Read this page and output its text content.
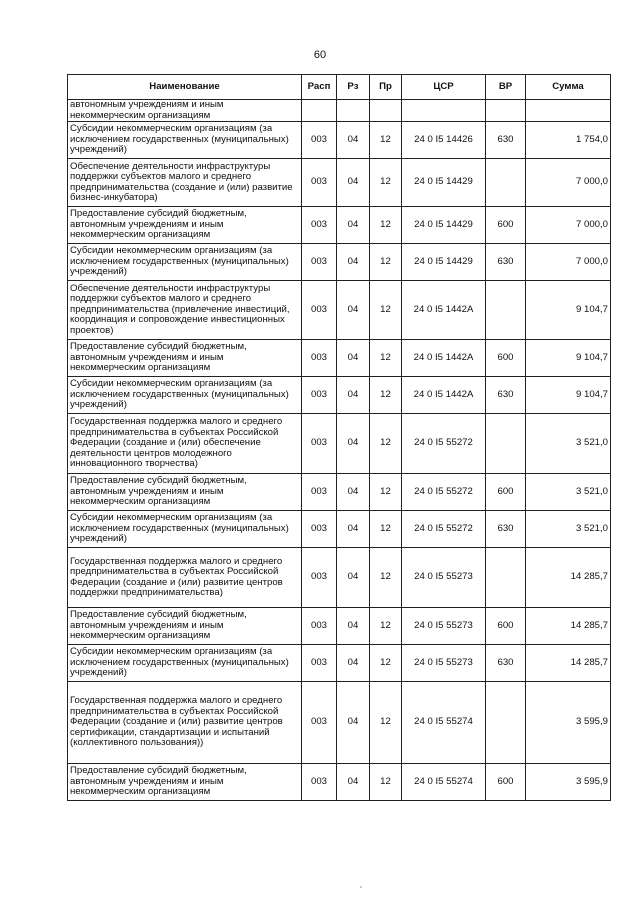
60
Наименование	Расп	Рз	Пр	ЦСР	ВР	Сумма
автономным учреждениям и иным некоммерческим организациям						
Субсидии некоммерческим организациям (за исключением государственных (муниципальных) учреждений)	003	04	12	24 0 I5 14426	630	1 754,0
Обеспечение деятельности инфраструктуры поддержки субъектов малого и среднего предпринимательства (создание и (или) развитие бизнес-инкубатора)	003	04	12	24 0 I5 14429		7 000,0
Предоставление субсидий бюджетным, автономным учреждениям и иным некоммерческим организациям	003	04	12	24 0 I5 14429	600	7 000,0
Субсидии некоммерческим организациям (за исключением государственных (муниципальных) учреждений)	003	04	12	24 0 I5 14429	630	7 000,0
Обеспечение деятельности инфраструктуры поддержки субъектов малого и среднего предпринимательства (привлечение инвестиций, координация и сопровождение инвестиционных проектов)	003	04	12	24 0 I5 1442A		9 104,7
Предоставление субсидий бюджетным, автономным учреждениям и иным некоммерческим организациям	003	04	12	24 0 I5 1442A	600	9 104,7
Субсидии некоммерческим организациям (за исключением государственных (муниципальных) учреждений)	003	04	12	24 0 I5 1442A	630	9 104,7
Государственная поддержка малого и среднего предпринимательства в субъектах Российской Федерации (создание и (или) обеспечение деятельности центров молодежного инновационного творчества)	003	04	12	24 0 I5 55272		3 521,0
Предоставление субсидий бюджетным, автономным учреждениям и иным некоммерческим организациям	003	04	12	24 0 I5 55272	600	3 521,0
Субсидии некоммерческим организациям (за исключением государственных (муниципальных) учреждений)	003	04	12	24 0 I5 55272	630	3 521,0
Государственная поддержка малого и среднего предпринимательства в субъектах Российской Федерации (создание и (или) развитие центров поддержки предпринимательства)	003	04	12	24 0 I5 55273		14 285,7
Предоставление субсидий бюджетным, автономным учреждениям и иным некоммерческим организациям	003	04	12	24 0 I5 55273	600	14 285,7
Субсидии некоммерческим организациям (за исключением государственных (муниципальных) учреждений)	003	04	12	24 0 I5 55273	630	14 285,7
Государственная поддержка малого и среднего предпринимательства в субъектах Российской Федерации (создание и (или) развитие центров сертификации, стандартизации и испытаний (коллективного пользования))	003	04	12	24 0 I5 55274		3 595,9
Предоставление субсидий бюджетным, автономным учреждениям и иным некоммерческим организациям	003	04	12	24 0 I5 55274	600	3 595,9
